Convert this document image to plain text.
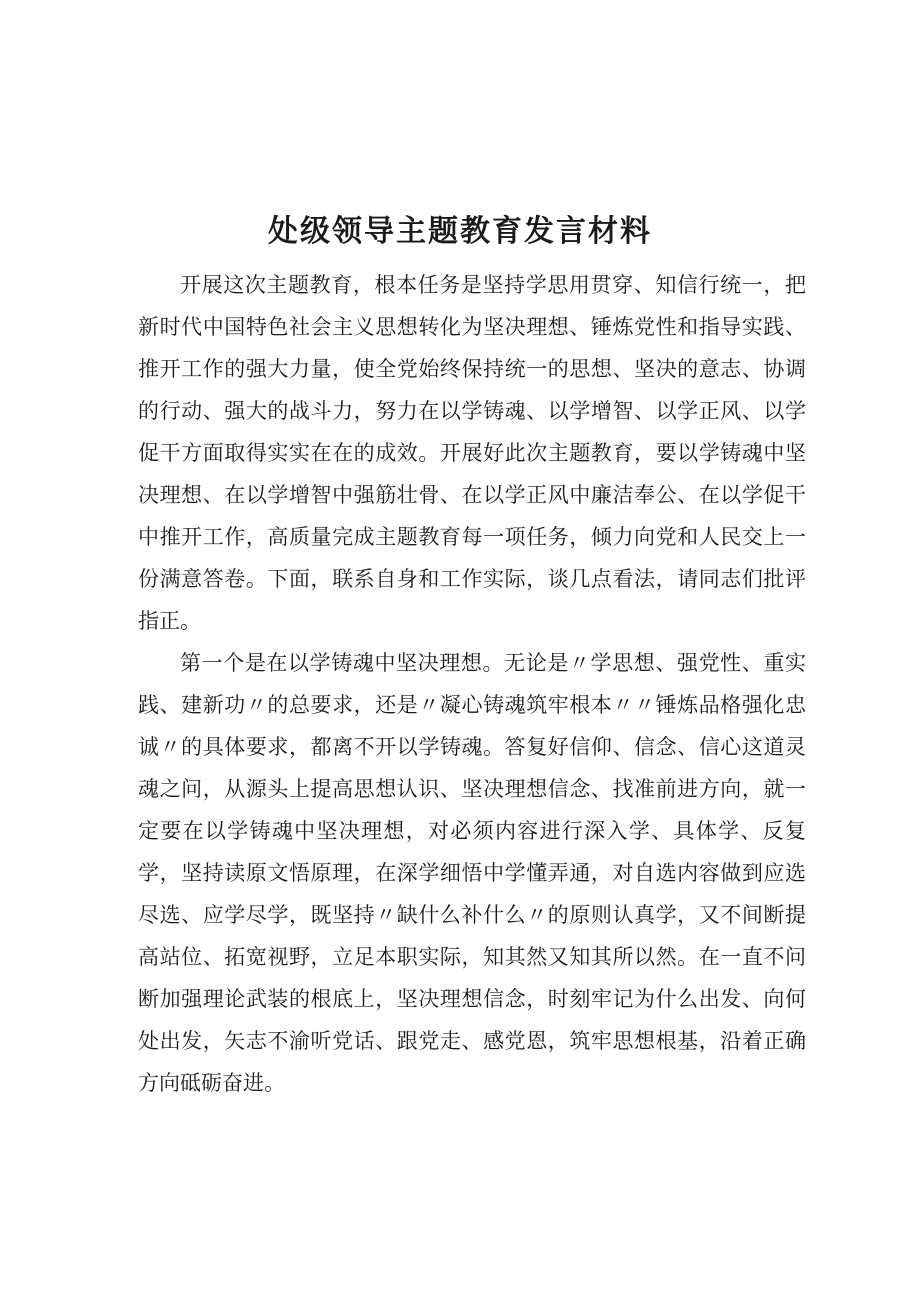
处级领导主题教育发言材料

开展这次主题教育，根本任务是坚持学思用贯穿、知信行统一，把新时代中国特色社会主义思想转化为坚决理想、锤炼党性和指导实践、推开工作的强大力量，使全党始终保持统一的思想、坚决的意志、协调的行动、强大的战斗力，努力在以学铸魂、以学增智、以学正风、以学促干方面取得实实在在的成效。开展好此次主题教育，要以学铸魂中坚决理想、在以学增智中强筋壮骨、在以学正风中廉洁奉公、在以学促干中推开工作，高质量完成主题教育每一项任务，倾力向党和人民交上一份满意答卷。下面，联系自身和工作实际，谈几点看法，请同志们批评指正。

第一个是在以学铸魂中坚决理想。无论是〃学思想、强党性、重实践、建新功〃的总要求，还是〃凝心铸魂筑牢根本〃〃锤炼品格强化忠诚〃的具体要求，都离不开以学铸魂。答复好信仰、信念、信心这道灵魂之问，从源头上提高思想认识、坚决理想信念、找准前进方向，就一定要在以学铸魂中坚决理想，对必须内容进行深入学、具体学、反复学，坚持读原文悟原理，在深学细悟中学懂弄通，对自选内容做到应选尽选、应学尽学，既坚持〃缺什么补什么〃的原则认真学，又不间断提高站位、拓宽视野，立足本职实际，知其然又知其所以然。在一直不问断加强理论武装的根底上，坚决理想信念，时刻牢记为什么出发、向何处出发，矢志不渝听党话、跟党走、感党恩，筑牢思想根基，沿着正确方向砥砺奋进。
